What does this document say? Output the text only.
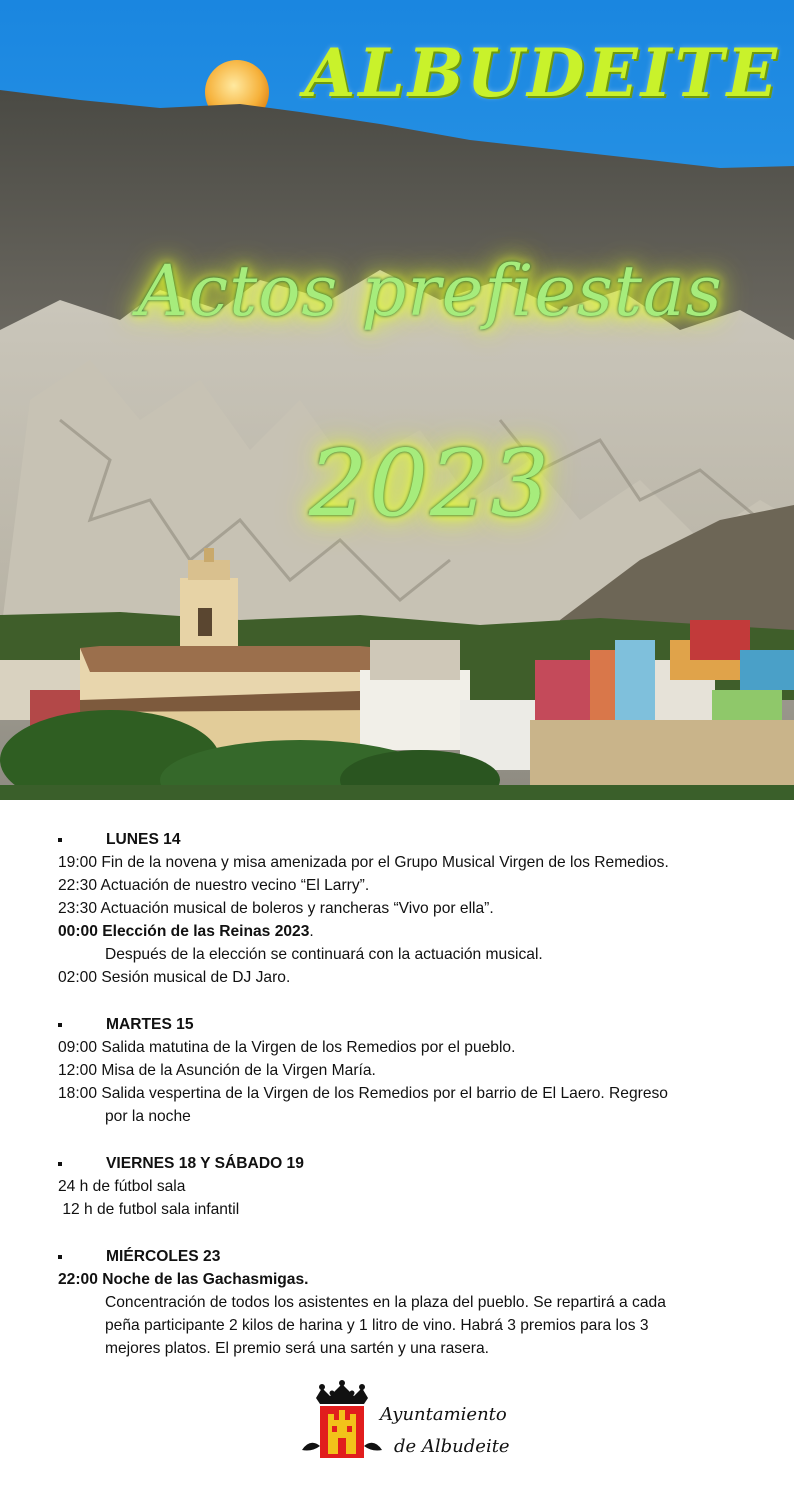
ALBUDEITE
Actos prefiestas
2023
LUNES 14
19:00 Fin de la novena y misa amenizada por el Grupo Musical Virgen de los Remedios.
22:30 Actuación de nuestro vecino “El Larry”.
23:30 Actuación musical de boleros y rancheras “Vivo por ella”.
00:00 Elección de las Reinas 2023.
Después de la elección se continuará con la actuación musical.
02:00 Sesión musical de DJ Jaro.
MARTES 15
09:00 Salida matutina de la Virgen de los Remedios por el pueblo.
12:00 Misa de la Asunción de la Virgen María.
18:00 Salida vespertina de la Virgen de los Remedios por el barrio de El Laero. Regreso
por la noche
VIERNES 18 Y SÁBADO 19
24 h de fútbol sala
12 h de futbol sala infantil
MIÉRCOLES 23
22:00 Noche de las Gachasmigas.
Concentración de todos los asistentes en la plaza del pueblo. Se repartirá a cada
peña participante 2 kilos de harina y 1 litro de vino. Habrá 3 premios para los 3
mejores platos. El premio será una sartén y una rasera.
Ayuntamiento
de Albudeite
